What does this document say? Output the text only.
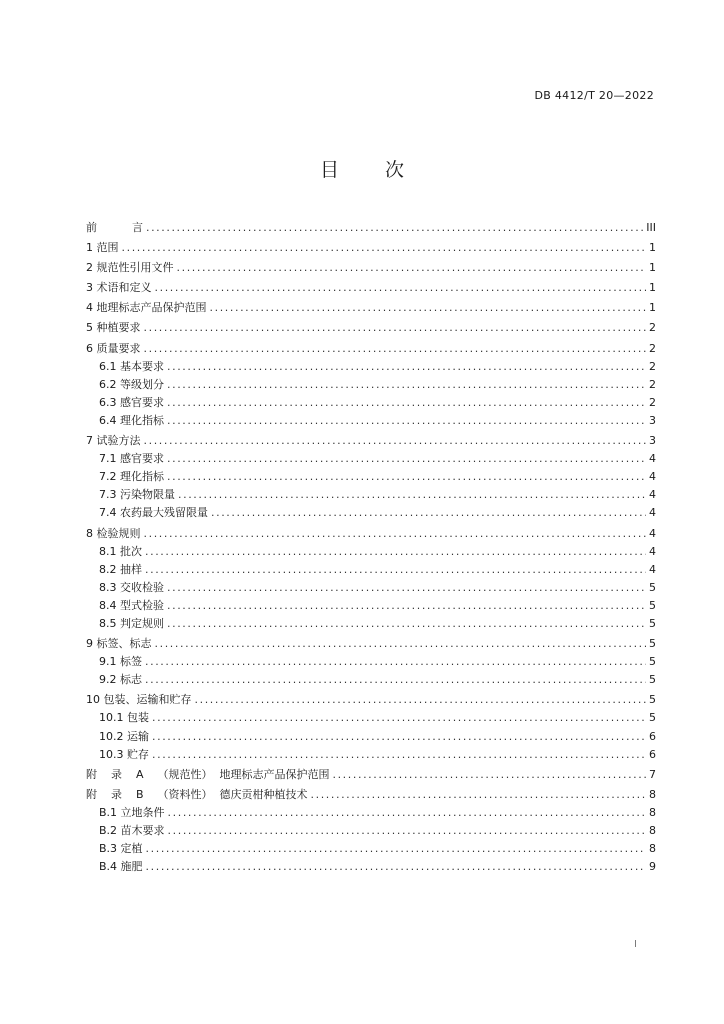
DB 4412/T 20—2022
目 次
前          言 .....	III
1 范围 .....	1
2 规范性引用文件 .....	1
3 术语和定义 .....	1
4 地理标志产品保护范围 .....	1
5 种植要求 .....	2
6 质量要求 .....	2
6.1 基本要求 .....	2
6.2 等级划分 .....	2
6.3 感官要求 .....	2
6.4 理化指标 .....	3
7 试验方法 .....	3
7.1 感官要求 .....	4
7.2 理化指标 .....	4
7.3 污染物限量 .....	4
7.4 农药最大残留限量 .....	4
8 检验规则 .....	4
8.1 批次 .....	4
8.2 抽样 .....	4
8.3 交收检验 .....	5
8.4 型式检验 .....	5
8.5 判定规则 .....	5
9 标签、标志 .....	5
9.1 标签 .....	5
9.2 标志 .....	5
10 包装、运输和贮存 .....	5
10.1 包装 .....	5
10.2 运输 .....	6
10.3 贮存 .....	6
附    录    A    （规范性）  地理标志产品保护范围 .....	7
附    录    B    （资料性）  德庆贡柑种植技术 .....	8
B.1 立地条件 .....	8
B.2 苗木要求 .....	8
B.3 定植 .....	8
B.4 施肥 .....	9
I
